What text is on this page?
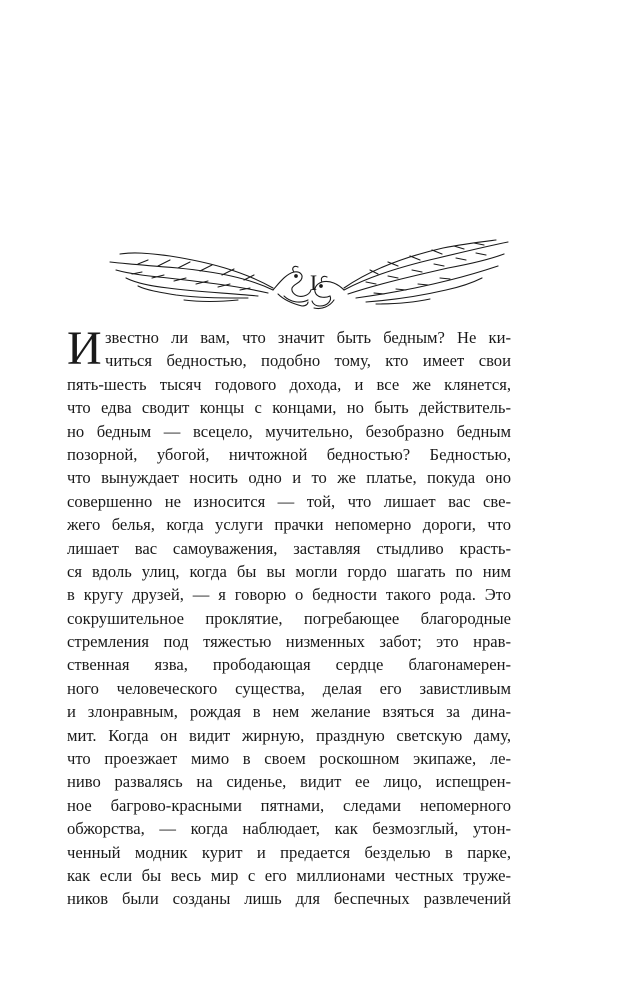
I
И звестно ли вам, что значит быть бедным? Не ки-
читься бедностью, подобно тому, кто имеет свои
пять-шесть тысяч годового дохода, и все же клянется,
что едва сводит концы с концами, но быть действитель-
но бедным — всецело, мучительно, безобразно бедным
позорной, убогой, ничтожной бедностью? Бедностью,
что вынуждает носить одно и то же платье, покуда оно
совершенно не износится — той, что лишает вас све-
жего белья, когда услуги прачки непомерно дороги, что
лишает вас самоуважения, заставляя стыдливо красть-
ся вдоль улиц, когда бы вы могли гордо шагать по ним
в кругу друзей, — я говорю о бедности такого рода. Это
сокрушительное проклятие, погребающее благородные
стремления под тяжестью низменных забот; это нрав-
ственная язва, прободающая сердце благонамерен-
ного человеческого существа, делая его завистливым
и злонравным, рождая в нем желание взяться за дина-
мит. Когда он видит жирную, праздную светскую даму,
что проезжает мимо в своем роскошном экипаже, ле-
ниво развалясь на сиденье, видит ее лицо, испещрен-
ное багрово-красными пятнами, следами непомерного
обжорства, — когда наблюдает, как безмозглый, утон-
ченный модник курит и предается безделью в парке,
как если бы весь мир с его миллионами честных труже-
ников были созданы лишь для беспечных развлечений
